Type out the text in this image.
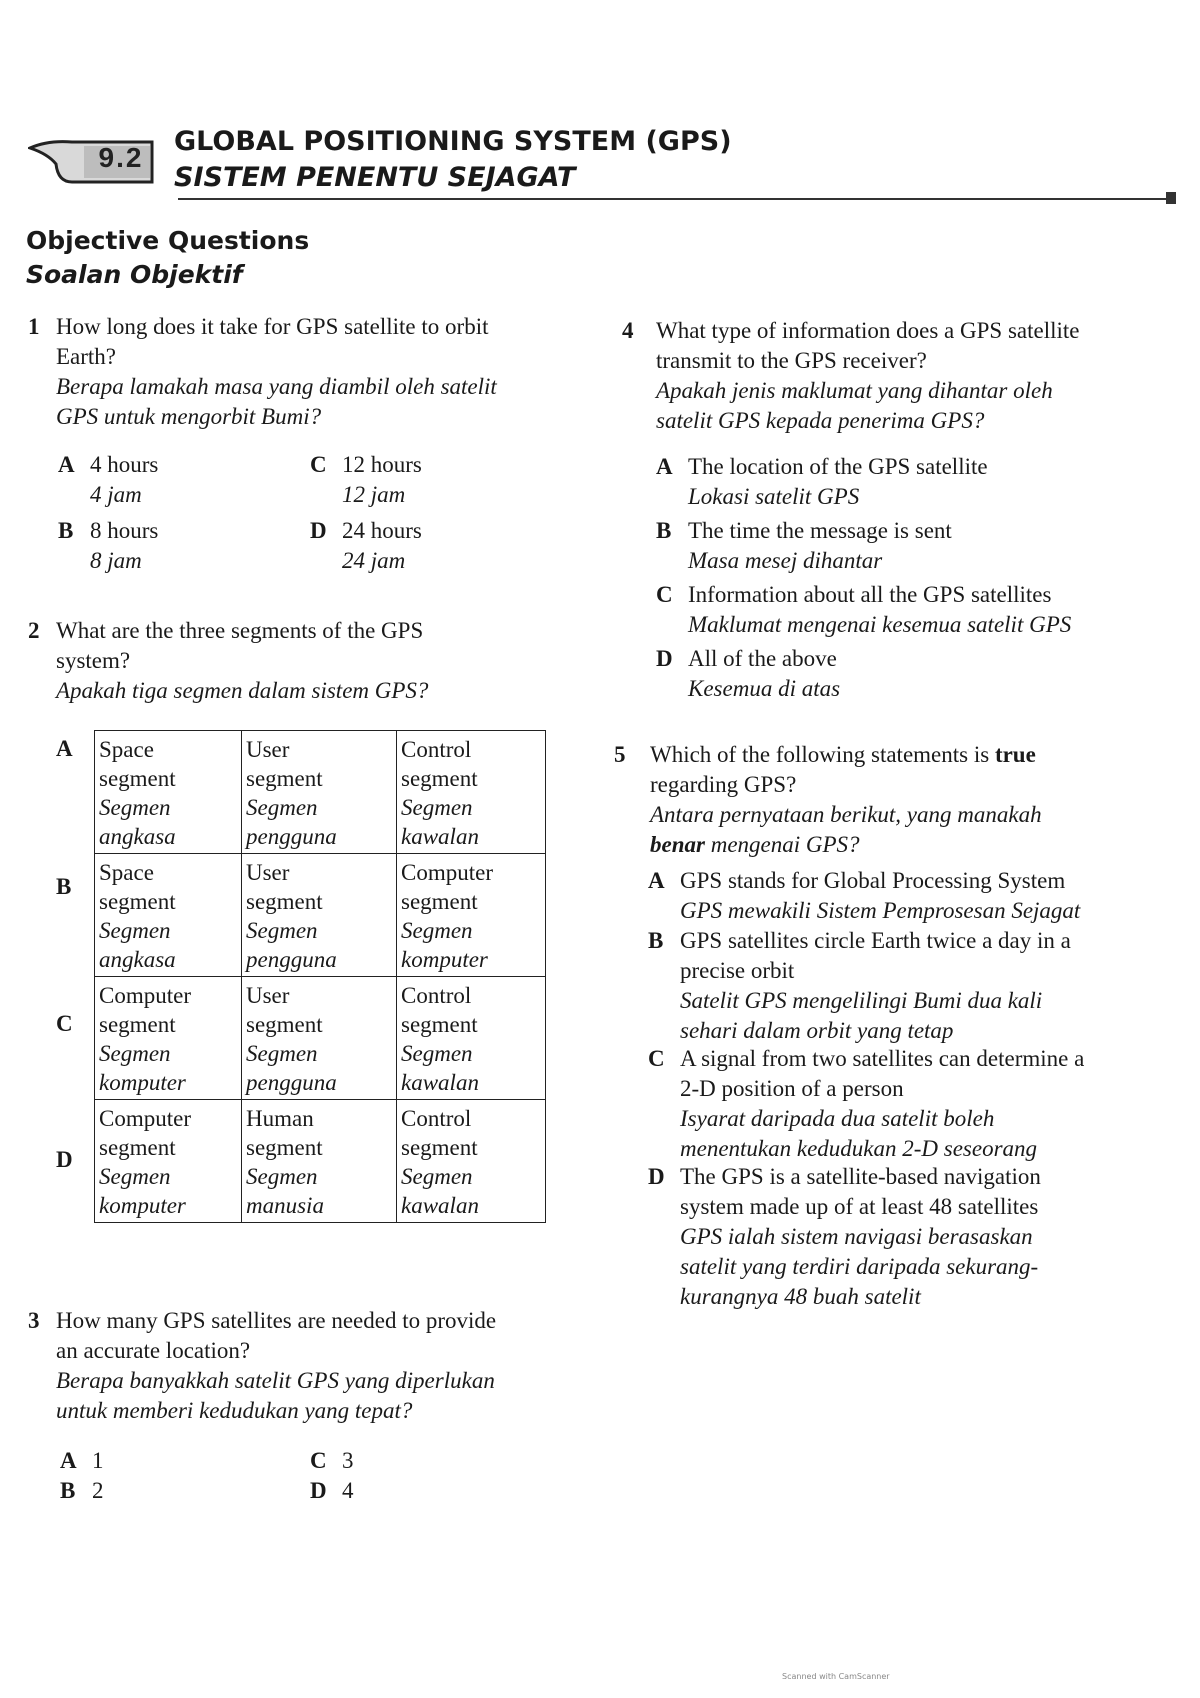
9.2
GLOBAL POSITIONING SYSTEM (GPS)
SISTEM PENENTU SEJAGAT
Objective Questions
Soalan Objektif
1 How long does it take for GPS satellite to orbit
Earth?
Berapa lamakah masa yang diambil oleh satelit
GPS untuk mengorbit Bumi?
A 4 hours
4 jam
B 8 hours
8 jam
C 12 hours
12 jam
D 24 hours
24 jam
2 What are the three segments of the GPS
system?
Apakah tiga segmen dalam sistem GPS?
A
B
C
D
Space
segment
Segmen
angkasa	User
segment
Segmen
pengguna	Control
segment
Segmen
kawalan

Space
segment
Segmen
angkasa	User
segment
Segmen
pengguna	Computer
segment
Segmen
komputer

Computer
segment
Segmen
komputer	User
segment
Segmen
pengguna	Control
segment
Segmen
kawalan

Computer
segment
Segmen
komputer	Human
segment
Segmen
manusia	Control
segment
Segmen
kawalan
3 How many GPS satellites are needed to provide
an accurate location?
Berapa banyakkah satelit GPS yang diperlukan
untuk memberi kedudukan yang tepat?
A 1
B 2
C 3
D 4
4 What type of information does a GPS satellite
transmit to the GPS receiver?
Apakah jenis maklumat yang dihantar oleh
satelit GPS kepada penerima GPS?
A The location of the GPS satellite
Lokasi satelit GPS
B The time the message is sent
Masa mesej dihantar
C Information about all the GPS satellites
Maklumat mengenai kesemua satelit GPS
D All of the above
Kesemua di atas
5 Which of the following statements is true
regarding GPS?
Antara pernyataan berikut, yang manakah
benar mengenai GPS?
A GPS stands for Global Processing System
GPS mewakili Sistem Pemprosesan Sejagat
B GPS satellites circle Earth twice a day in a
precise orbit
Satelit GPS mengelilingi Bumi dua kali
sehari dalam orbit yang tetap
C A signal from two satellites can determine a
2-D position of a person
Isyarat daripada dua satelit boleh
menentukan kedudukan 2-D seseorang
D The GPS is a satellite-based navigation
system made up of at least 48 satellites
GPS ialah sistem navigasi berasaskan
satelit yang terdiri daripada sekurang-
kurangnya 48 buah satelit
Scanned with CamScanner
